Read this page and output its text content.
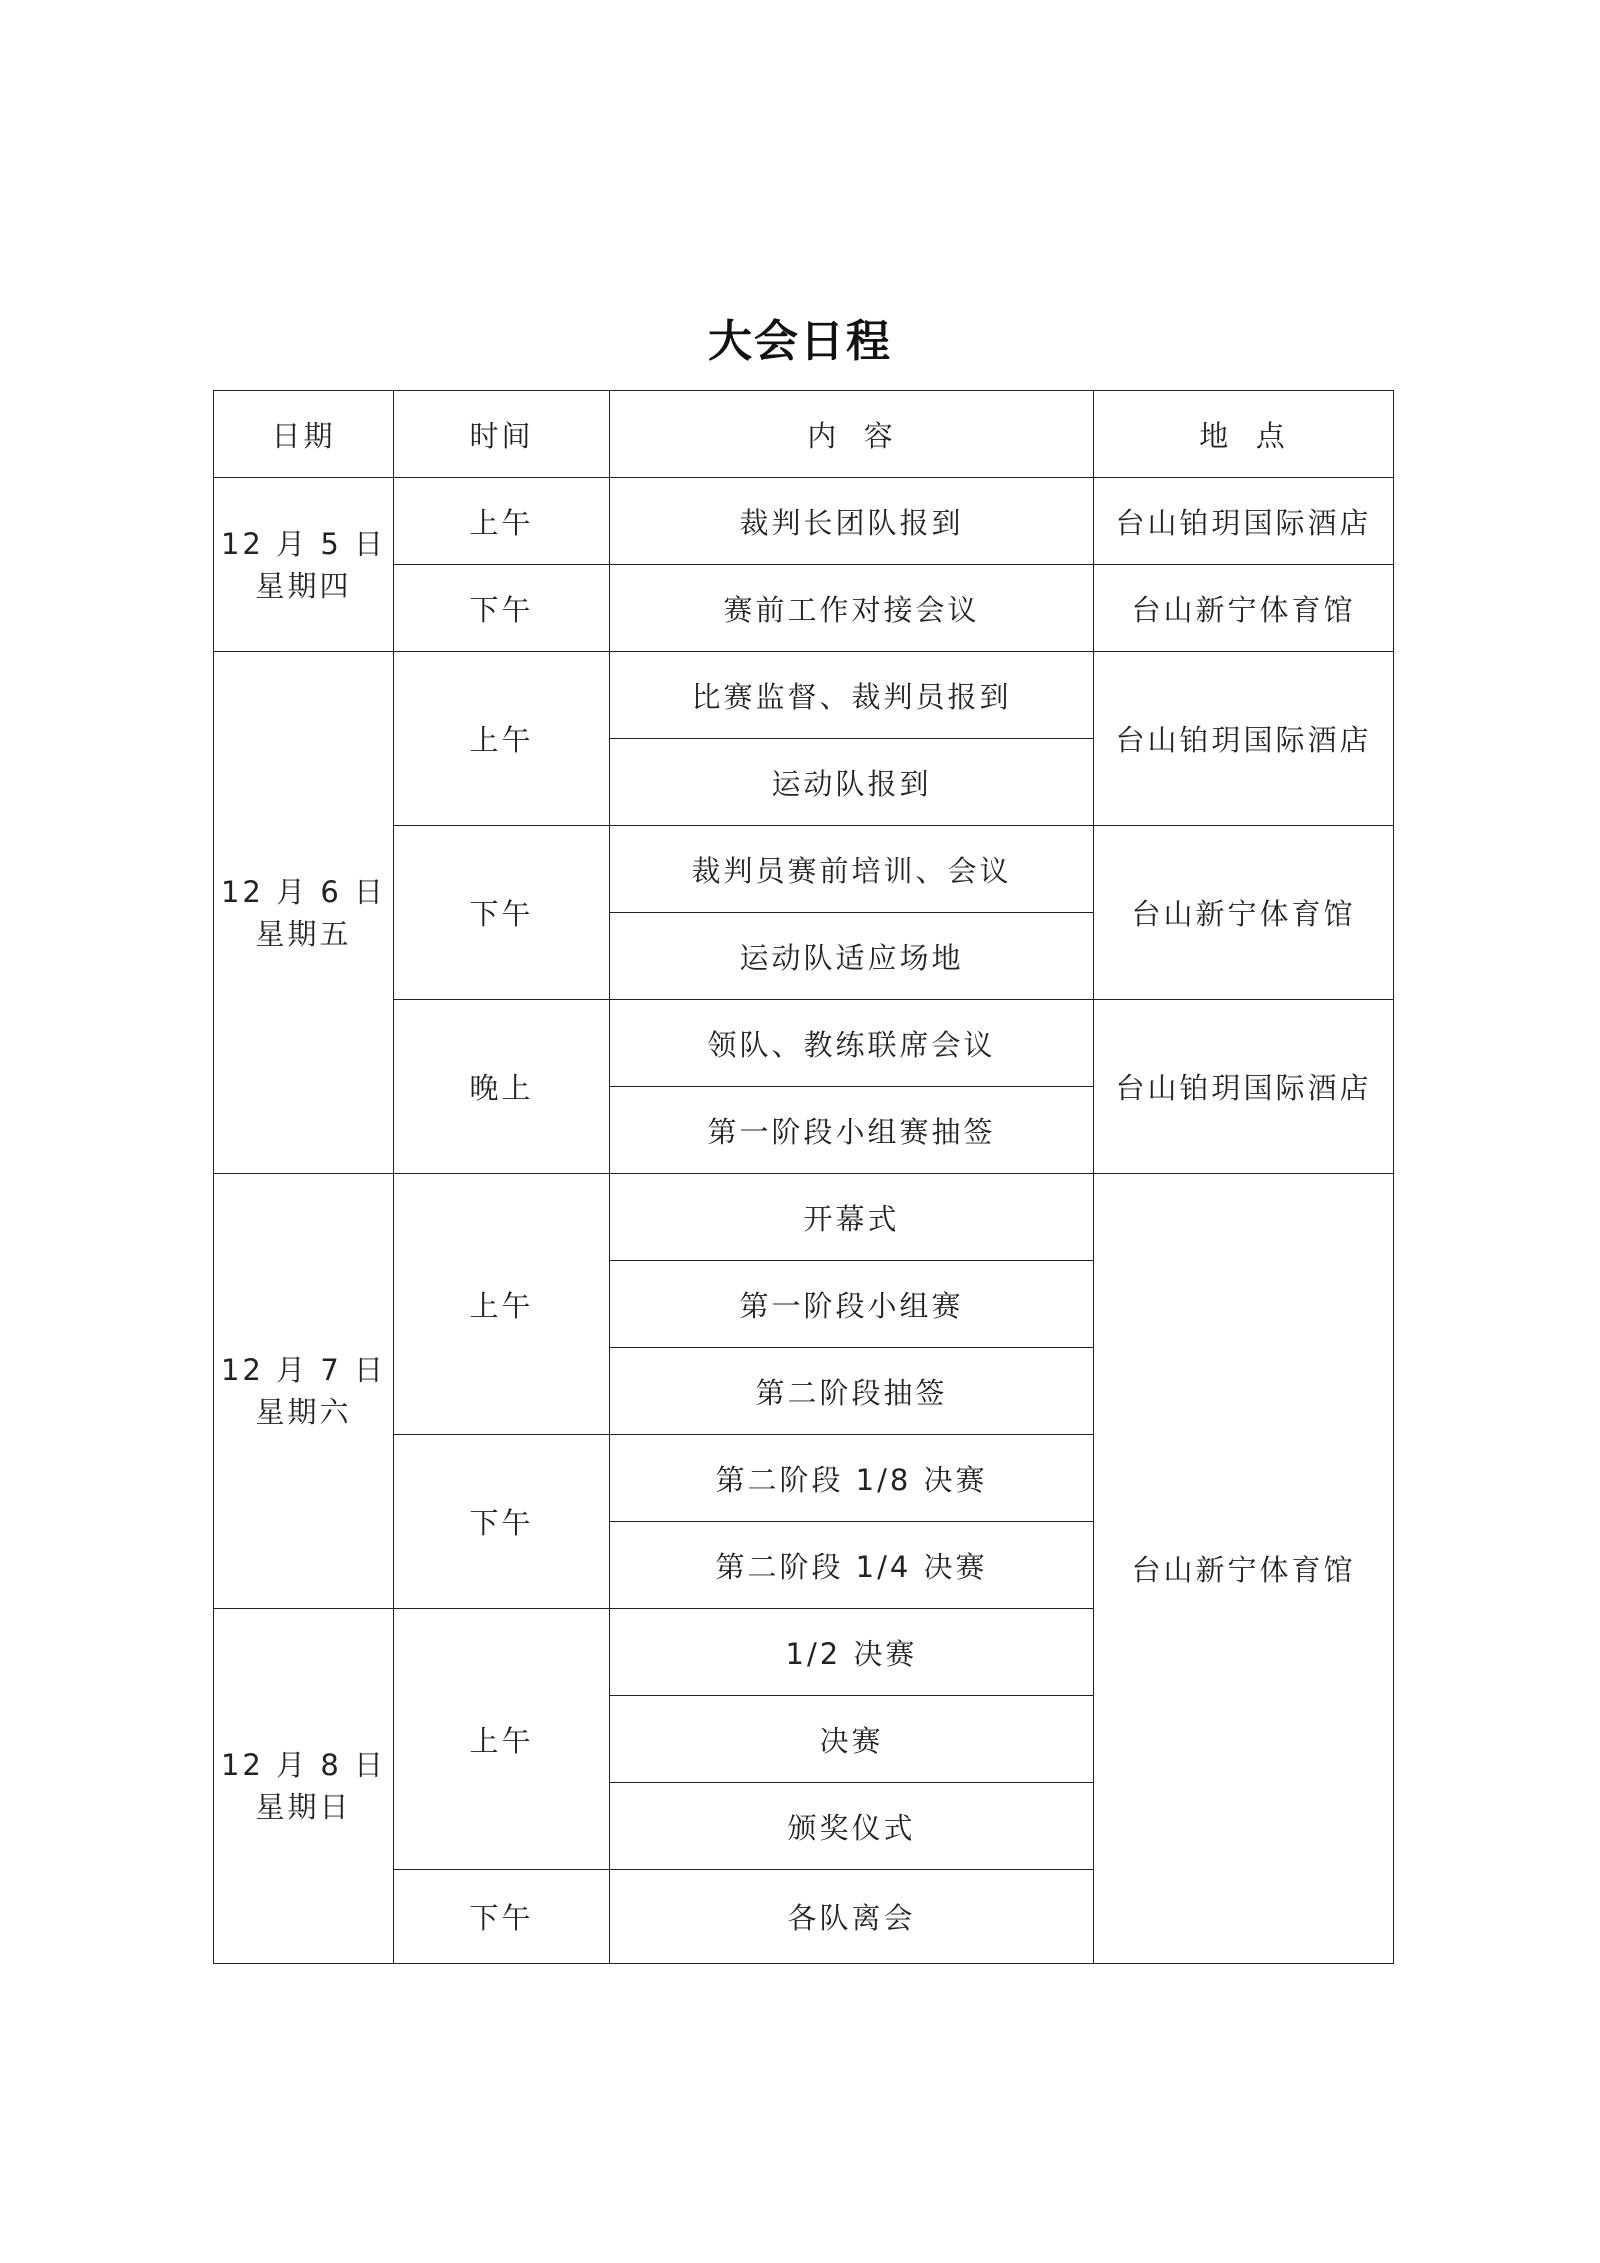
大会日程
日期	时间	内  容	地  点

12 月 5 日
星期四	上午	裁判长团队报到	台山铂玥国际酒店
	下午	赛前工作对接会议	台山新宁体育馆

12 月 6 日
星期五	上午	比赛监督、裁判员报到	台山铂玥国际酒店
		运动队报到	
	下午	裁判员赛前培训、会议	台山新宁体育馆
		运动队适应场地	
	晚上	领队、教练联席会议	台山铂玥国际酒店
		第一阶段小组赛抽签	

12 月 7 日
星期六	上午	开幕式	台山新宁体育馆
		第一阶段小组赛	
		第二阶段抽签	
	下午	第二阶段 1/8 决赛	
		第二阶段 1/4 决赛	

12 月 8 日
星期日	上午	1/2 决赛	
		决赛	
		颁奖仪式	
	下午	各队离会	
